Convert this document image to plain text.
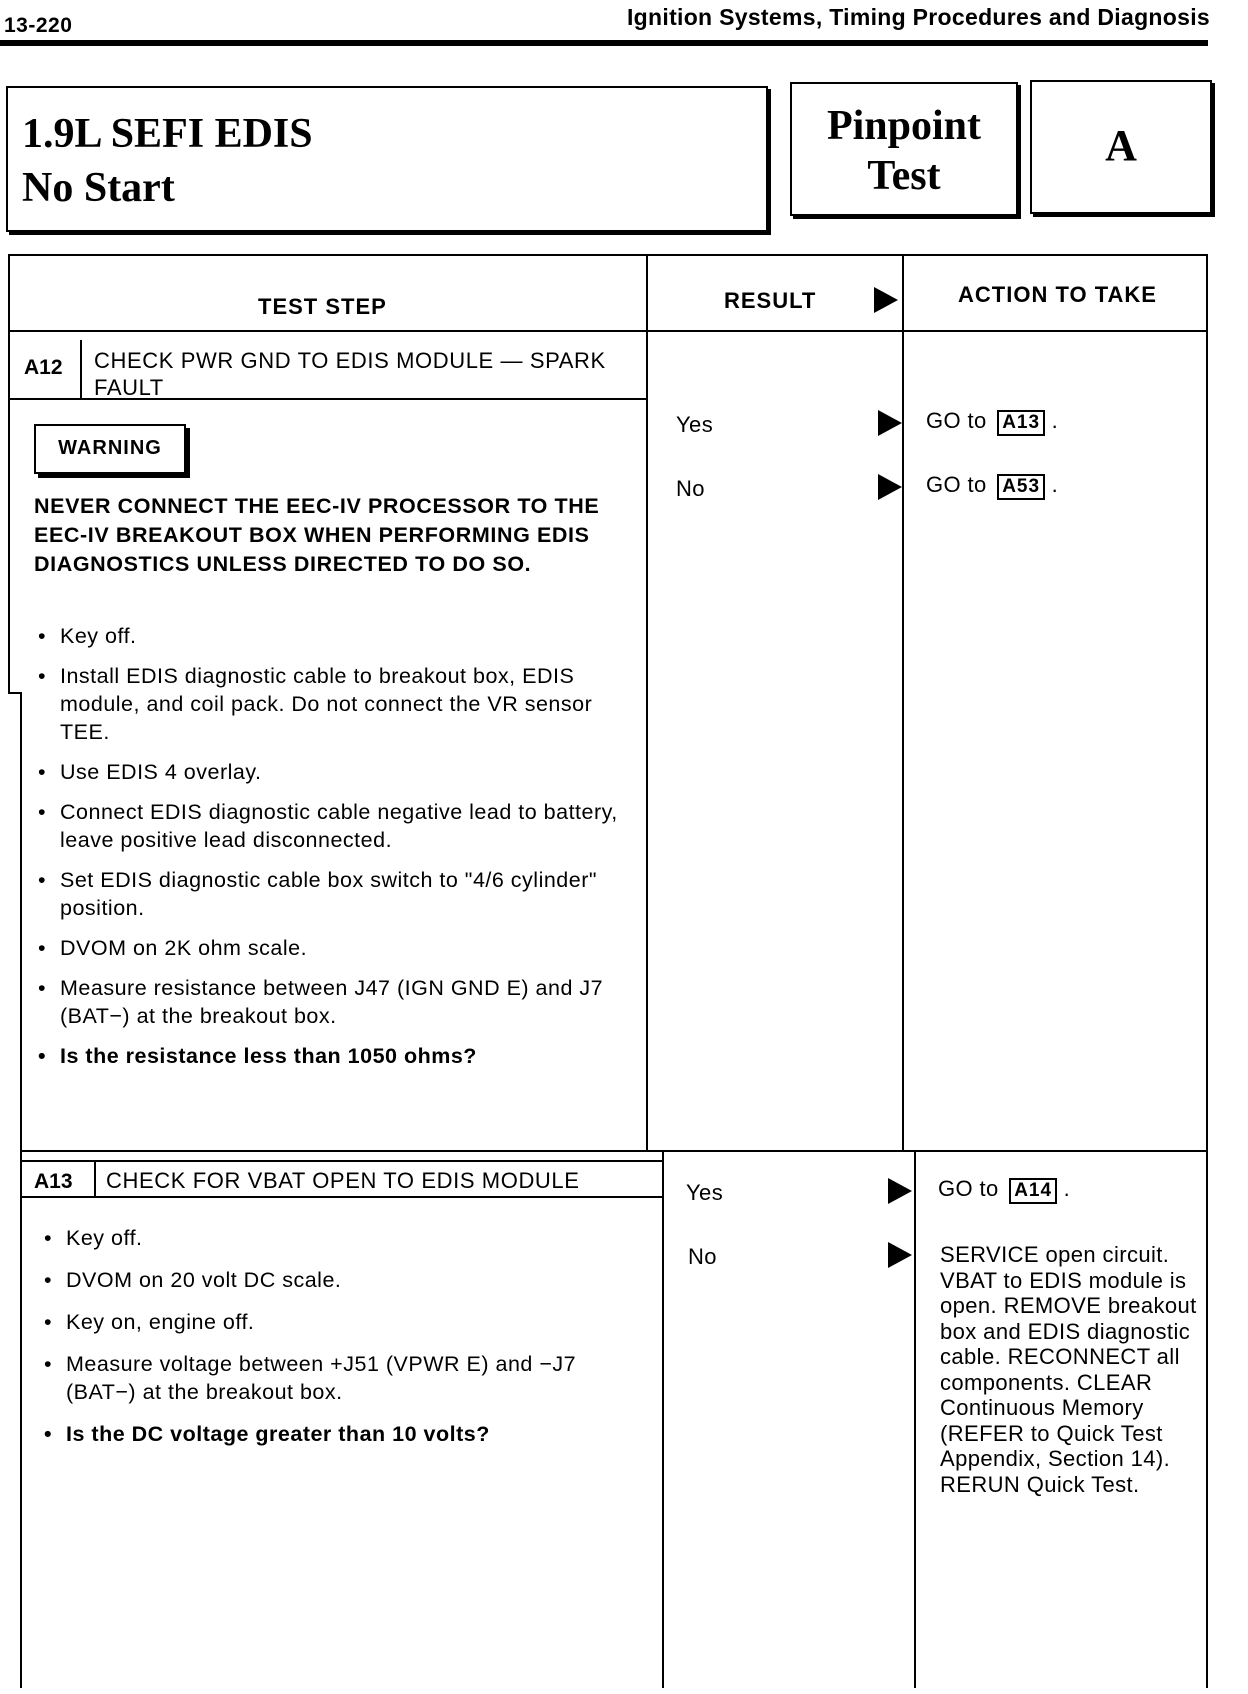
13-220	Ignition Systems, Timing Procedures and Diagnosis
1.9L SEFI EDIS
No Start
Pinpoint
Test
A
TEST STEP	RESULT	ACTION TO TAKE
A12 CHECK PWR GND TO EDIS MODULE — SPARK FAULT
WARNING

NEVER CONNECT THE EEC-IV PROCESSOR TO THE EEC-IV BREAKOUT BOX WHEN PERFORMING EDIS DIAGNOSTICS UNLESS DIRECTED TO DO SO.

• Key off.
• Install EDIS diagnostic cable to breakout box, EDIS module, and coil pack. Do not connect the VR sensor TEE.
• Use EDIS 4 overlay.
• Connect EDIS diagnostic cable negative lead to battery, leave positive lead disconnected.
• Set EDIS diagnostic cable box switch to "4/6 cylinder" position.
• DVOM on 2K ohm scale.
• Measure resistance between J47 (IGN GND E) and J7 (BAT−) at the breakout box.
• Is the resistance less than 1050 ohms?
Yes	GO to A13 .
No	GO to A53 .
A13 CHECK FOR VBAT OPEN TO EDIS MODULE
• Key off.
• DVOM on 20 volt DC scale.
• Key on, engine off.
• Measure voltage between +J51 (VPWR E) and −J7 (BAT−) at the breakout box.
• Is the DC voltage greater than 10 volts?
Yes	GO to A14 .
No	SERVICE open circuit. VBAT to EDIS module is open. REMOVE breakout box and EDIS diagnostic cable. RECONNECT all components. CLEAR Continuous Memory (REFER to Quick Test Appendix, Section 14). RERUN Quick Test.
